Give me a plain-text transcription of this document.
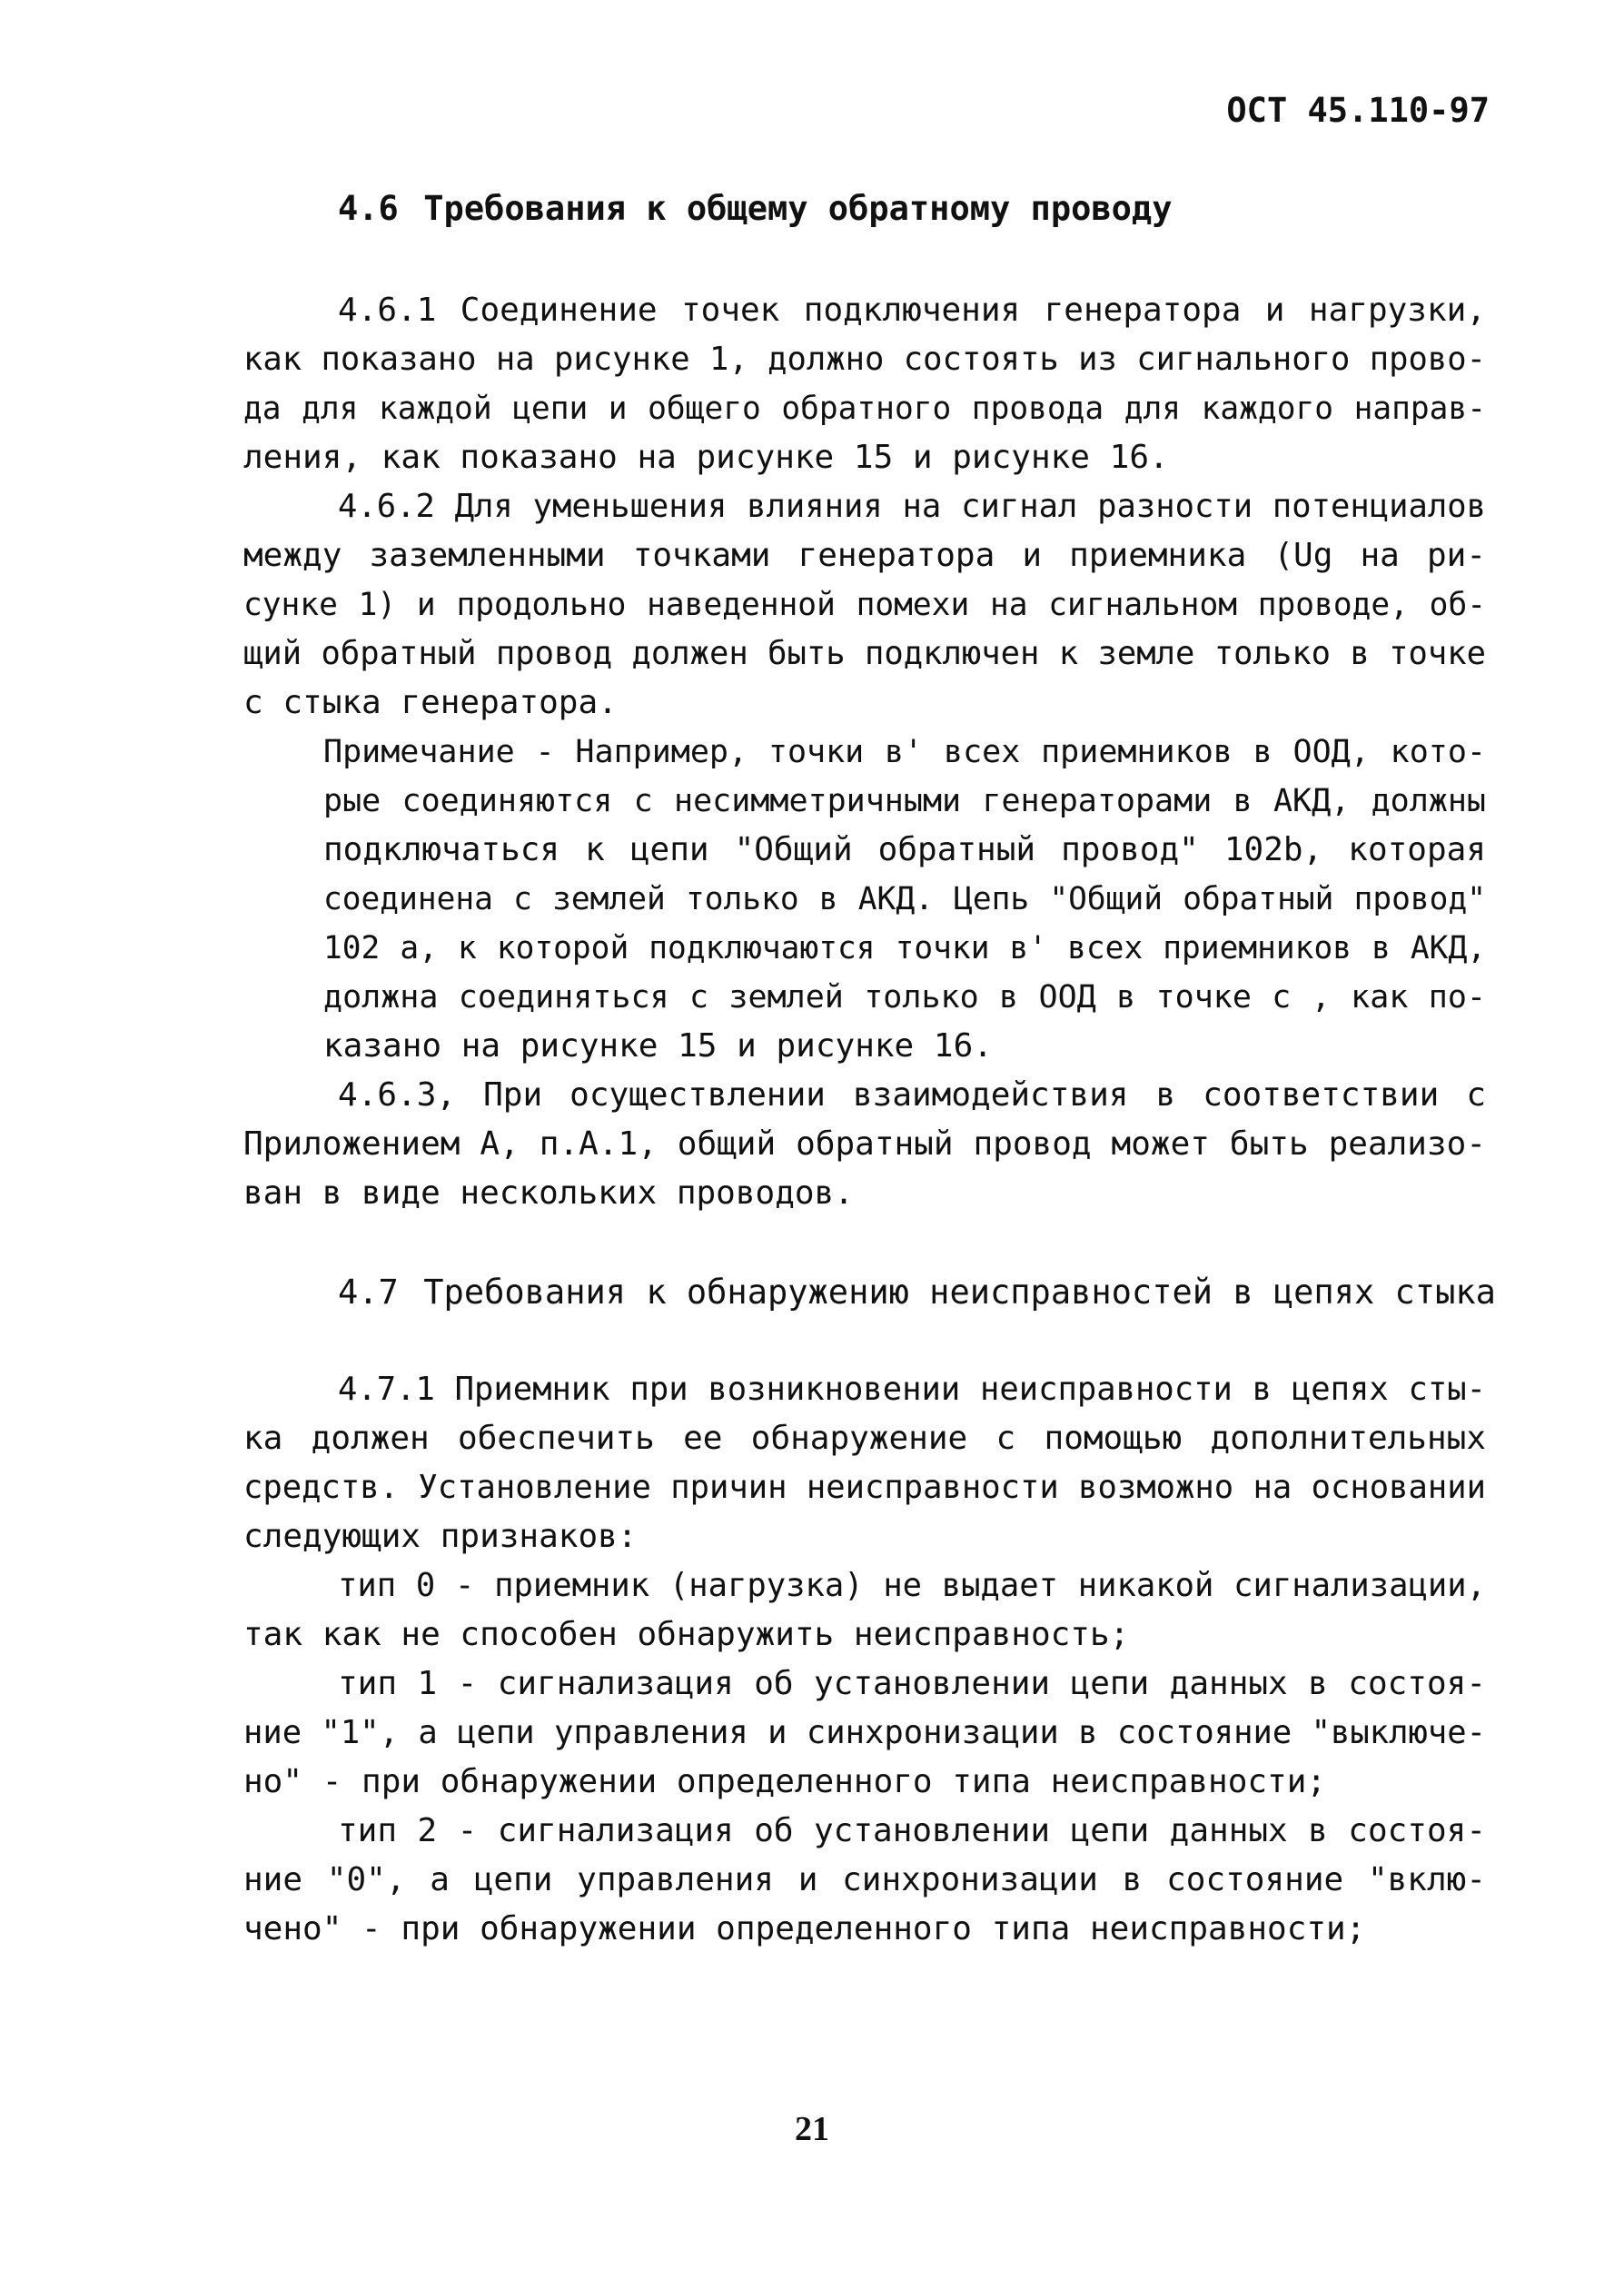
ОСТ 45.110-97
4.6 Требования к общему обратному проводу
4.6.1 Соединение точек подключения генератора и нагрузки,
как показано на рисунке 1, должно состоять из сигнального прово-
да для каждой цепи и общего обратного провода для каждого направ-
ления, как показано на рисунке 15 и рисунке 16.
4.6.2 Для уменьшения влияния на сигнал разности потенциалов
между заземленными точками генератора и приемника (Ug на ри-
сунке 1) и продольно наведенной помехи на сигнальном проводе, об-
щий обратный провод должен быть подключен к земле только в точке
с стыка генератора.
Примечание - Например, точки в' всех приемников в ООД, кото-
рые соединяются с несимметричными генераторами в АКД, должны
подключаться к цепи "Общий обратный провод" 102b, которая
соединена с землей только в АКД. Цепь "Общий обратный провод"
102 а, к которой подключаются точки в' всех приемников в АКД,
должна соединяться с землей только в ООД в точке с , как по-
казано на рисунке 15 и рисунке 16.
4.6.3, При осуществлении взаимодействия в соответствии с
Приложением А, п.А.1, общий обратный провод может быть реализо-
ван в виде нескольких проводов.
4.7 Требования к обнаружению неисправностей в цепях стыка
4.7.1 Приемник при возникновении неисправности в цепях сты-
ка должен обеспечить ее обнаружение с помощью дополнительных
средств. Установление причин неисправности возможно на основании
следующих признаков:
тип 0 - приемник (нагрузка) не выдает никакой сигнализации,
так как не способен обнаружить неисправность;
тип 1 - сигнализация об установлении цепи данных в состоя-
ние "1", а цепи управления и синхронизации в состояние "выключе-
но" - при обнаружении определенного типа неисправности;
тип 2 - сигнализация об установлении цепи данных в состоя-
ние "0", а цепи управления и синхронизации в состояние "вклю-
чено" - при обнаружении определенного типа неисправности;
21
